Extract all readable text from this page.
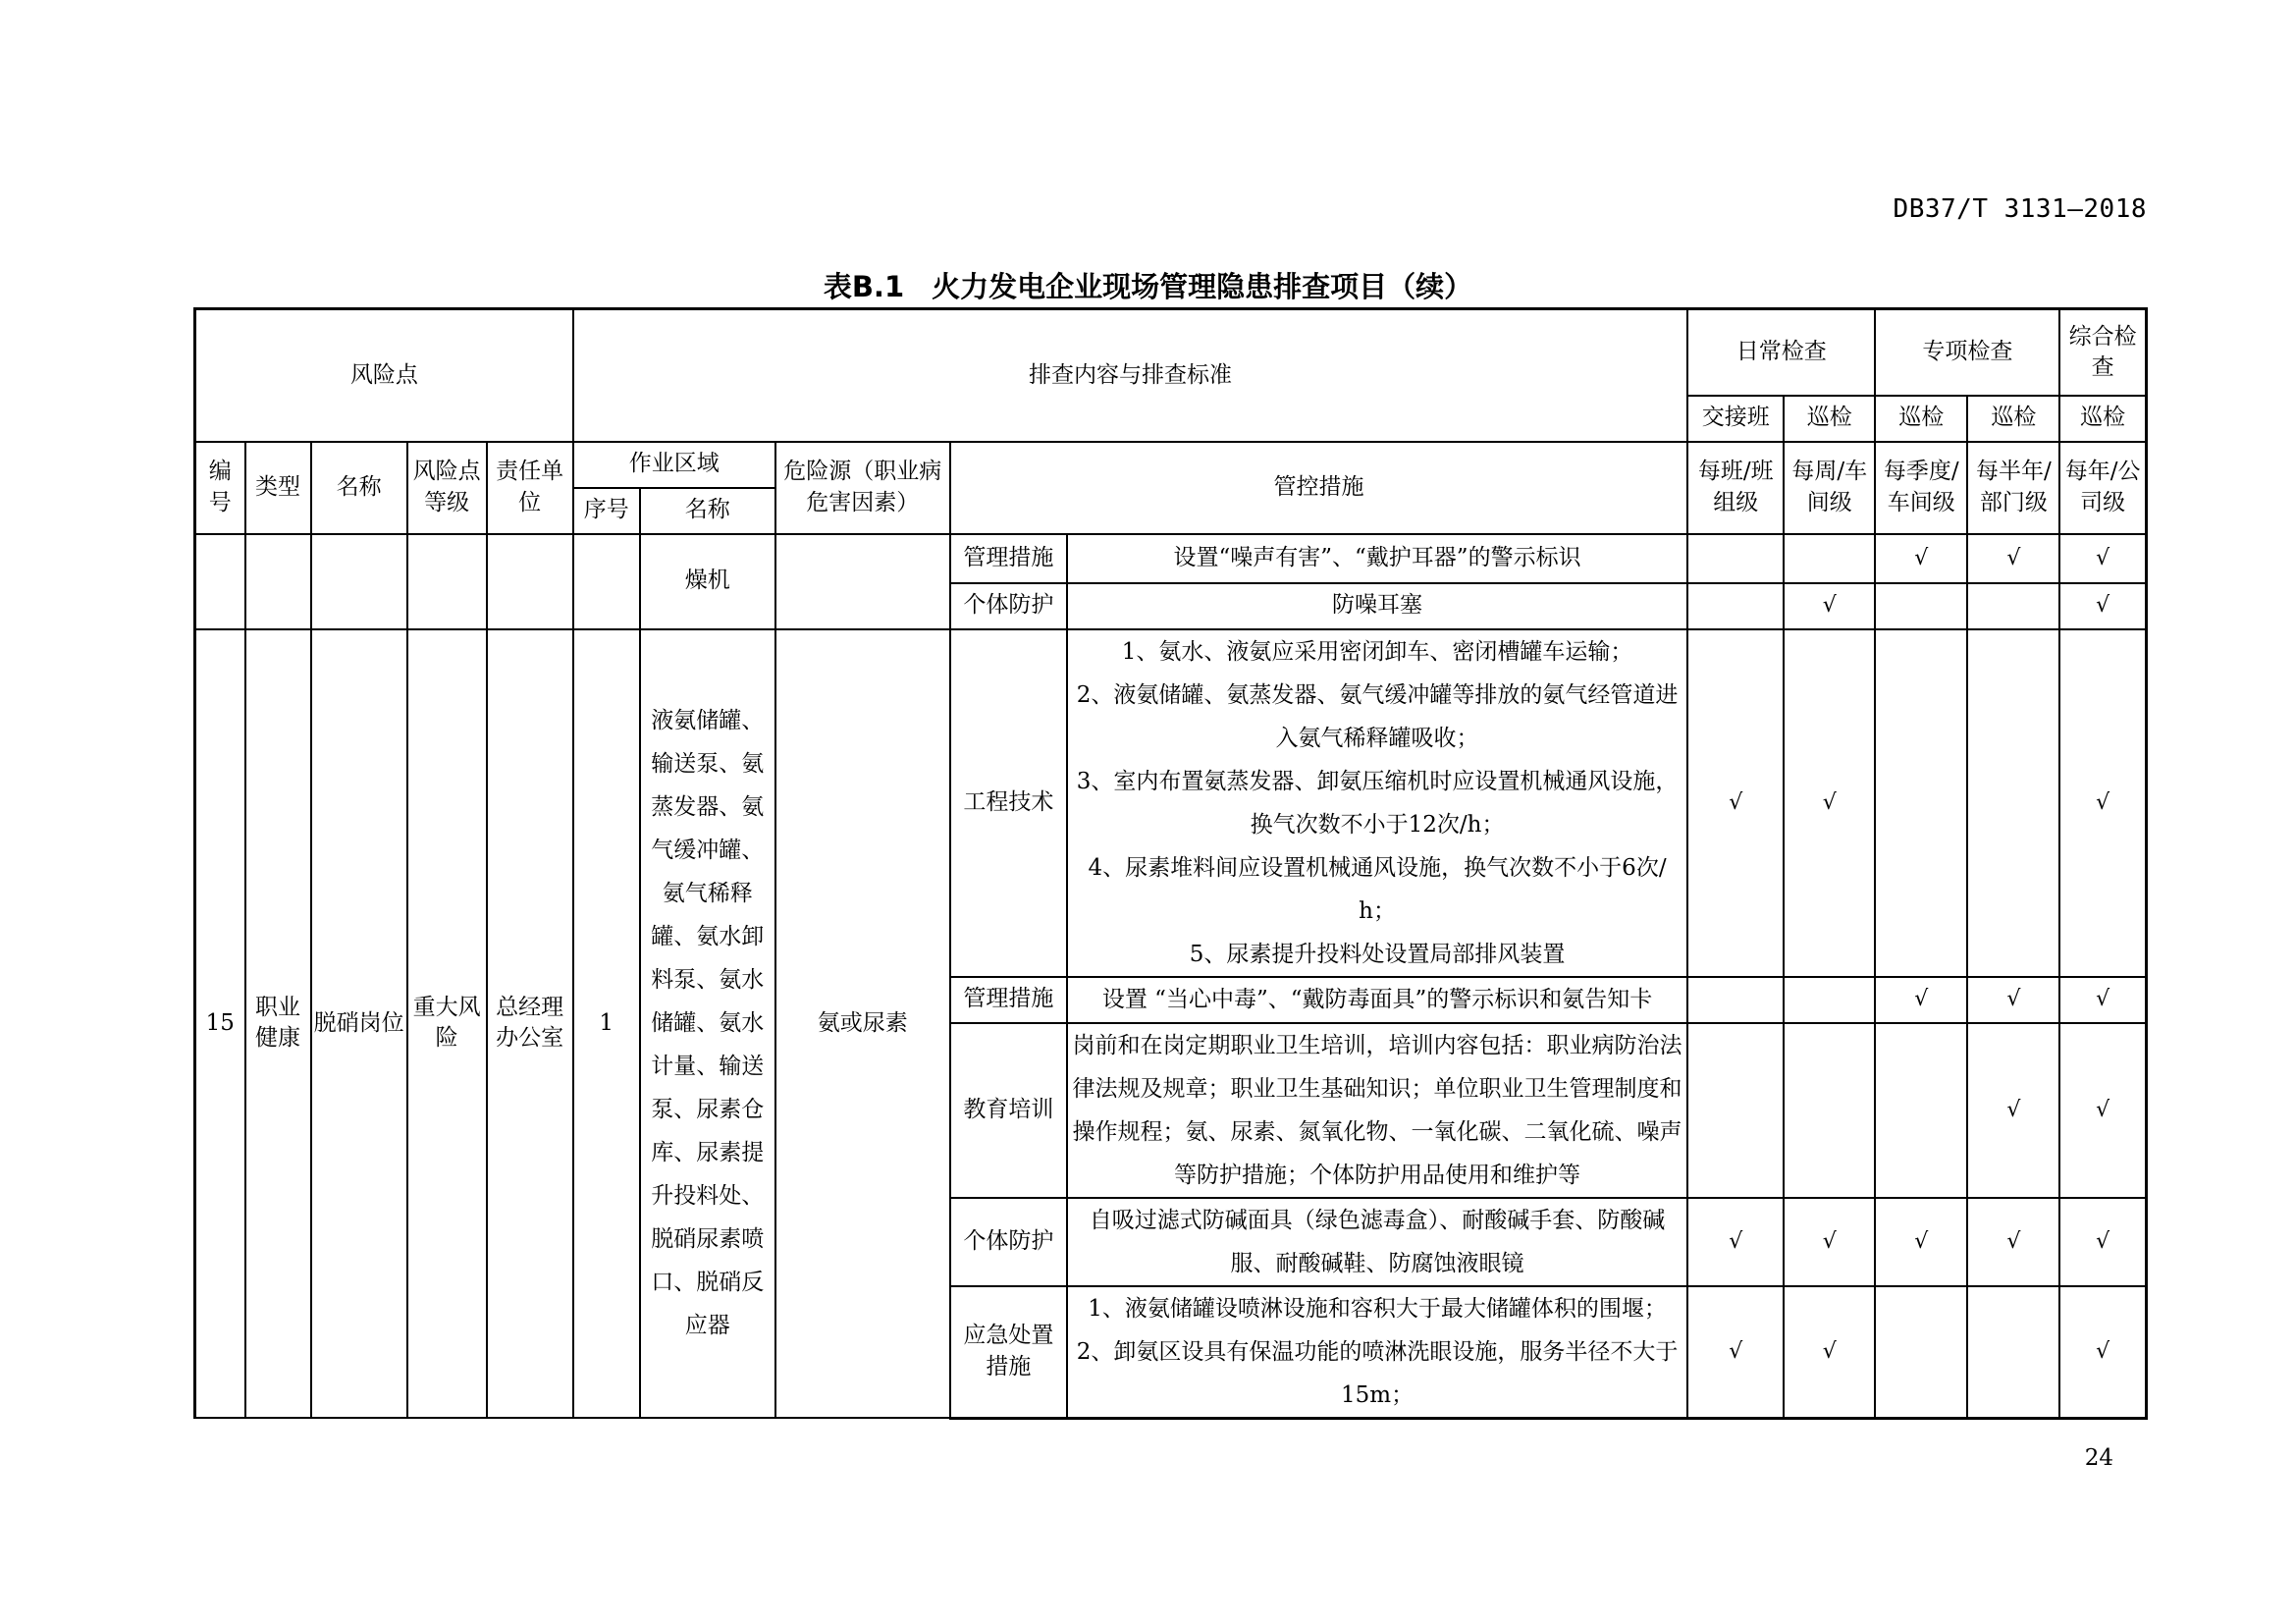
DB37/T 3131—2018
表B.1 火力发电企业现场管理隐患排查项目（续）
风险点					排查内容与排查标准					日常检查		专项检查		综合检查
										交接班	巡检	巡检	巡检	巡检
编号	类型	名称	风险点等级	责任单位	作业区域		危险源（职业病危害因素）	管控措施		每班/班组级	每周/车间级	每季度/车间级	每半年/部门级	每年/公司级
					序号	名称								
						燥机		管理措施	设置“噪声有害”、“戴护耳器”的警示标识			√	√	√
								个体防护	防噪耳塞		√			√
15	职业健康	脱硝岗位	重大风险	总经理办公室	1	液氨储罐、输送泵、氨蒸发器、氨气缓冲罐、氨气稀释罐、氨水卸料泵、氨水储罐、氨水计量、输送泵、尿素仓库、尿素提升投料处、脱硝尿素喷口、脱硝反应器	氨或尿素	工程技术	1、氨水、液氨应采用密闭卸车、密闭槽罐车运输；
2、液氨储罐、氨蒸发器、氨气缓冲罐等排放的氨气经管道进入氨气稀释罐吸收；
3、室内布置氨蒸发器、卸氨压缩机时应设置机械通风设施，换气次数不小于12次/h；
4、尿素堆料间应设置机械通风设施，换气次数不小于6次/h；
5、尿素提升投料处设置局部排风装置	√	√			√
								管理措施	设置 “当心中毒”、“戴防毒面具”的警示标识和氨告知卡			√	√	√
								教育培训	岗前和在岗定期职业卫生培训，培训内容包括：职业病防治法律法规及规章；职业卫生基础知识；单位职业卫生管理制度和操作规程；氨、尿素、氮氧化物、一氧化碳、二氧化硫、噪声等防护措施；个体防护用品使用和维护等				√	√
								个体防护	自吸过滤式防碱面具（绿色滤毒盒）、耐酸碱手套、防酸碱服、耐酸碱鞋、防腐蚀液眼镜	√	√	√	√	√
								应急处置措施	1、液氨储罐设喷淋设施和容积大于最大储罐体积的围堰；
2、卸氨区设具有保温功能的喷淋洗眼设施，服务半径不大于15m；	√	√			√
24
